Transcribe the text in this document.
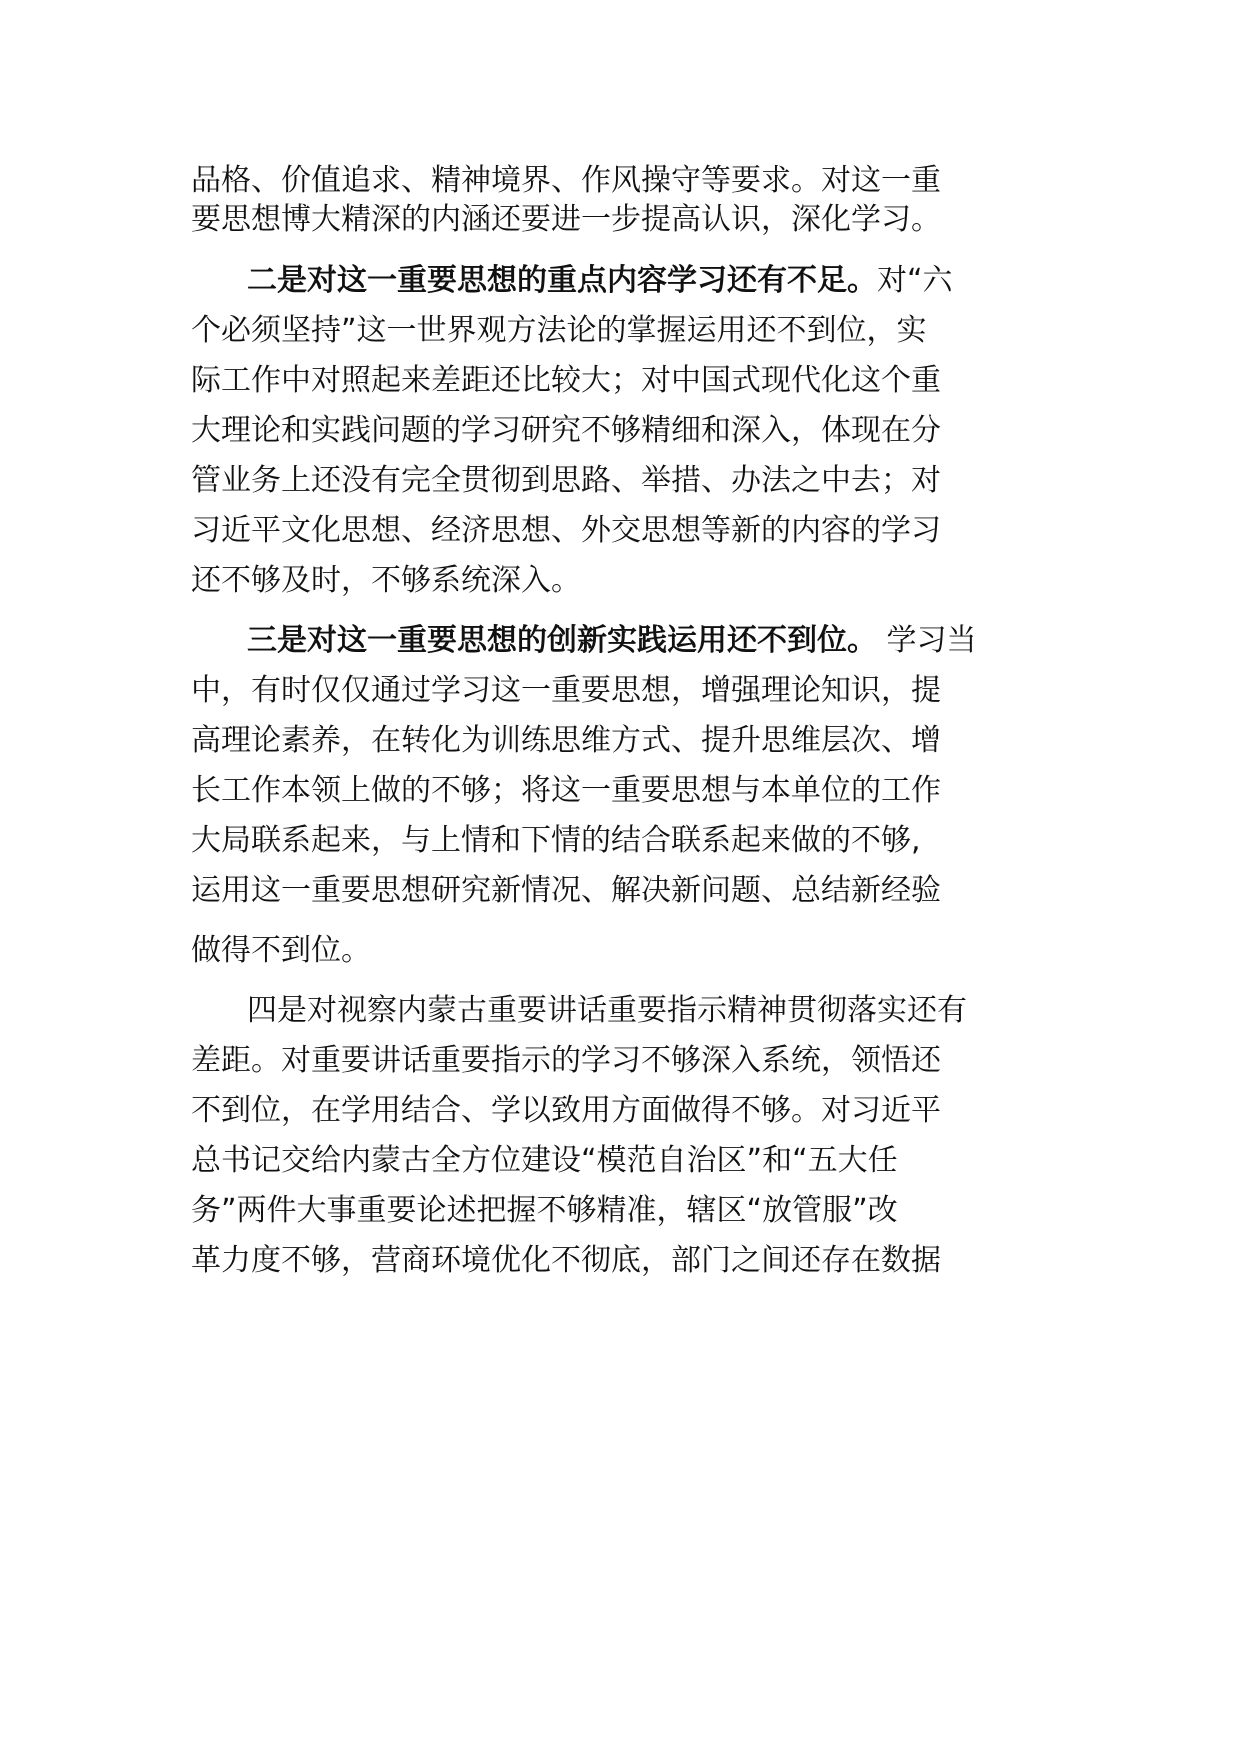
品格、价值追求、精神境界、作风操守等要求。对这一重

要思想博大精深的内涵还要进一步提高认识，深化学习。

二是对这一重要思想的重点内容学习还有不足。对“六

个必须坚持”这一世界观方法论的掌握运用还不到位，实

际工作中对照起来差距还比较大；对中国式现代化这个重

大理论和实践问题的学习研究不够精细和深入，体现在分

管业务上还没有完全贯彻到思路、举措、办法之中去；对

习近平文化思想、经济思想、外交思想等新的内容的学习

还不够及时，不够系统深入。

三是对这一重要思想的创新实践运用还不到位。 学习当

中，有时仅仅通过学习这一重要思想，增强理论知识，提

高理论素养，在转化为训练思维方式、提升思维层次、增

长工作本领上做的不够；将这一重要思想与本单位的工作

大局联系起来，与上情和下情的结合联系起来做的不够,

运用这一重要思想研究新情况、解决新问题、总结新经验

做得不到位。

四是对视察内蒙古重要讲话重要指示精神贯彻落实还有

差距。对重要讲话重要指示的学习不够深入系统，领悟还

不到位，在学用结合、学以致用方面做得不够。对习近平

总书记交给内蒙古全方位建设“模范自治区”和“五大任

务”两件大事重要论述把握不够精准，辖区“放管服”改

革力度不够，营商环境优化不彻底，部门之间还存在数据
